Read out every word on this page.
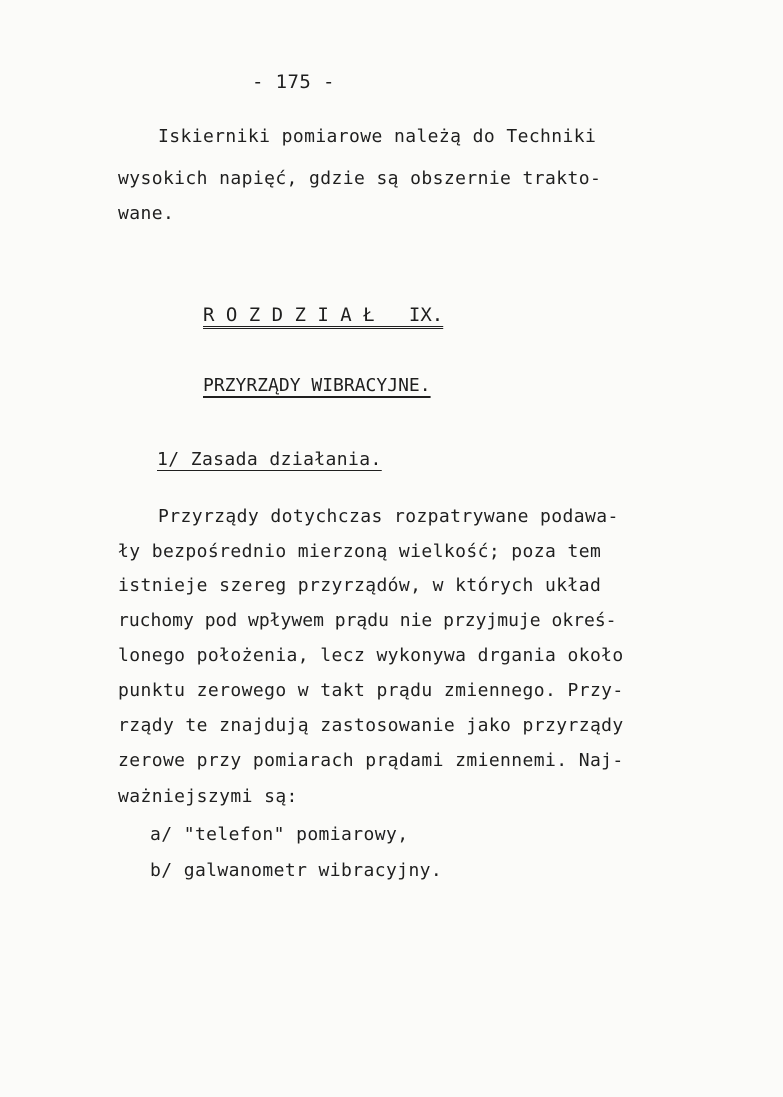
- 175 -
Iskierniki pomiarowe należą do Techniki
wysokich napięć, gdzie są obszernie trakto-
wane.
R O Z D Z I A Ł   IX.
PRZYRZĄDY WIBRACYJNE.
1/ Zasada działania.
Przyrządy dotychczas rozpatrywane podawa-
ły bezpośrednio mierzoną wielkość; poza tem
istnieje szereg przyrządów, w których układ
ruchomy pod wpływem prądu nie przyjmuje okreś-
lonego położenia, lecz wykonywa drgania około
punktu zerowego w takt prądu zmiennego. Przy-
rządy te znajdują zastosowanie jako przyrządy
zerowe przy pomiarach prądami zmiennemi. Naj-
ważniejszymi są:
a/ "telefon" pomiarowy,
b/ galwanometr wibracyjny.
